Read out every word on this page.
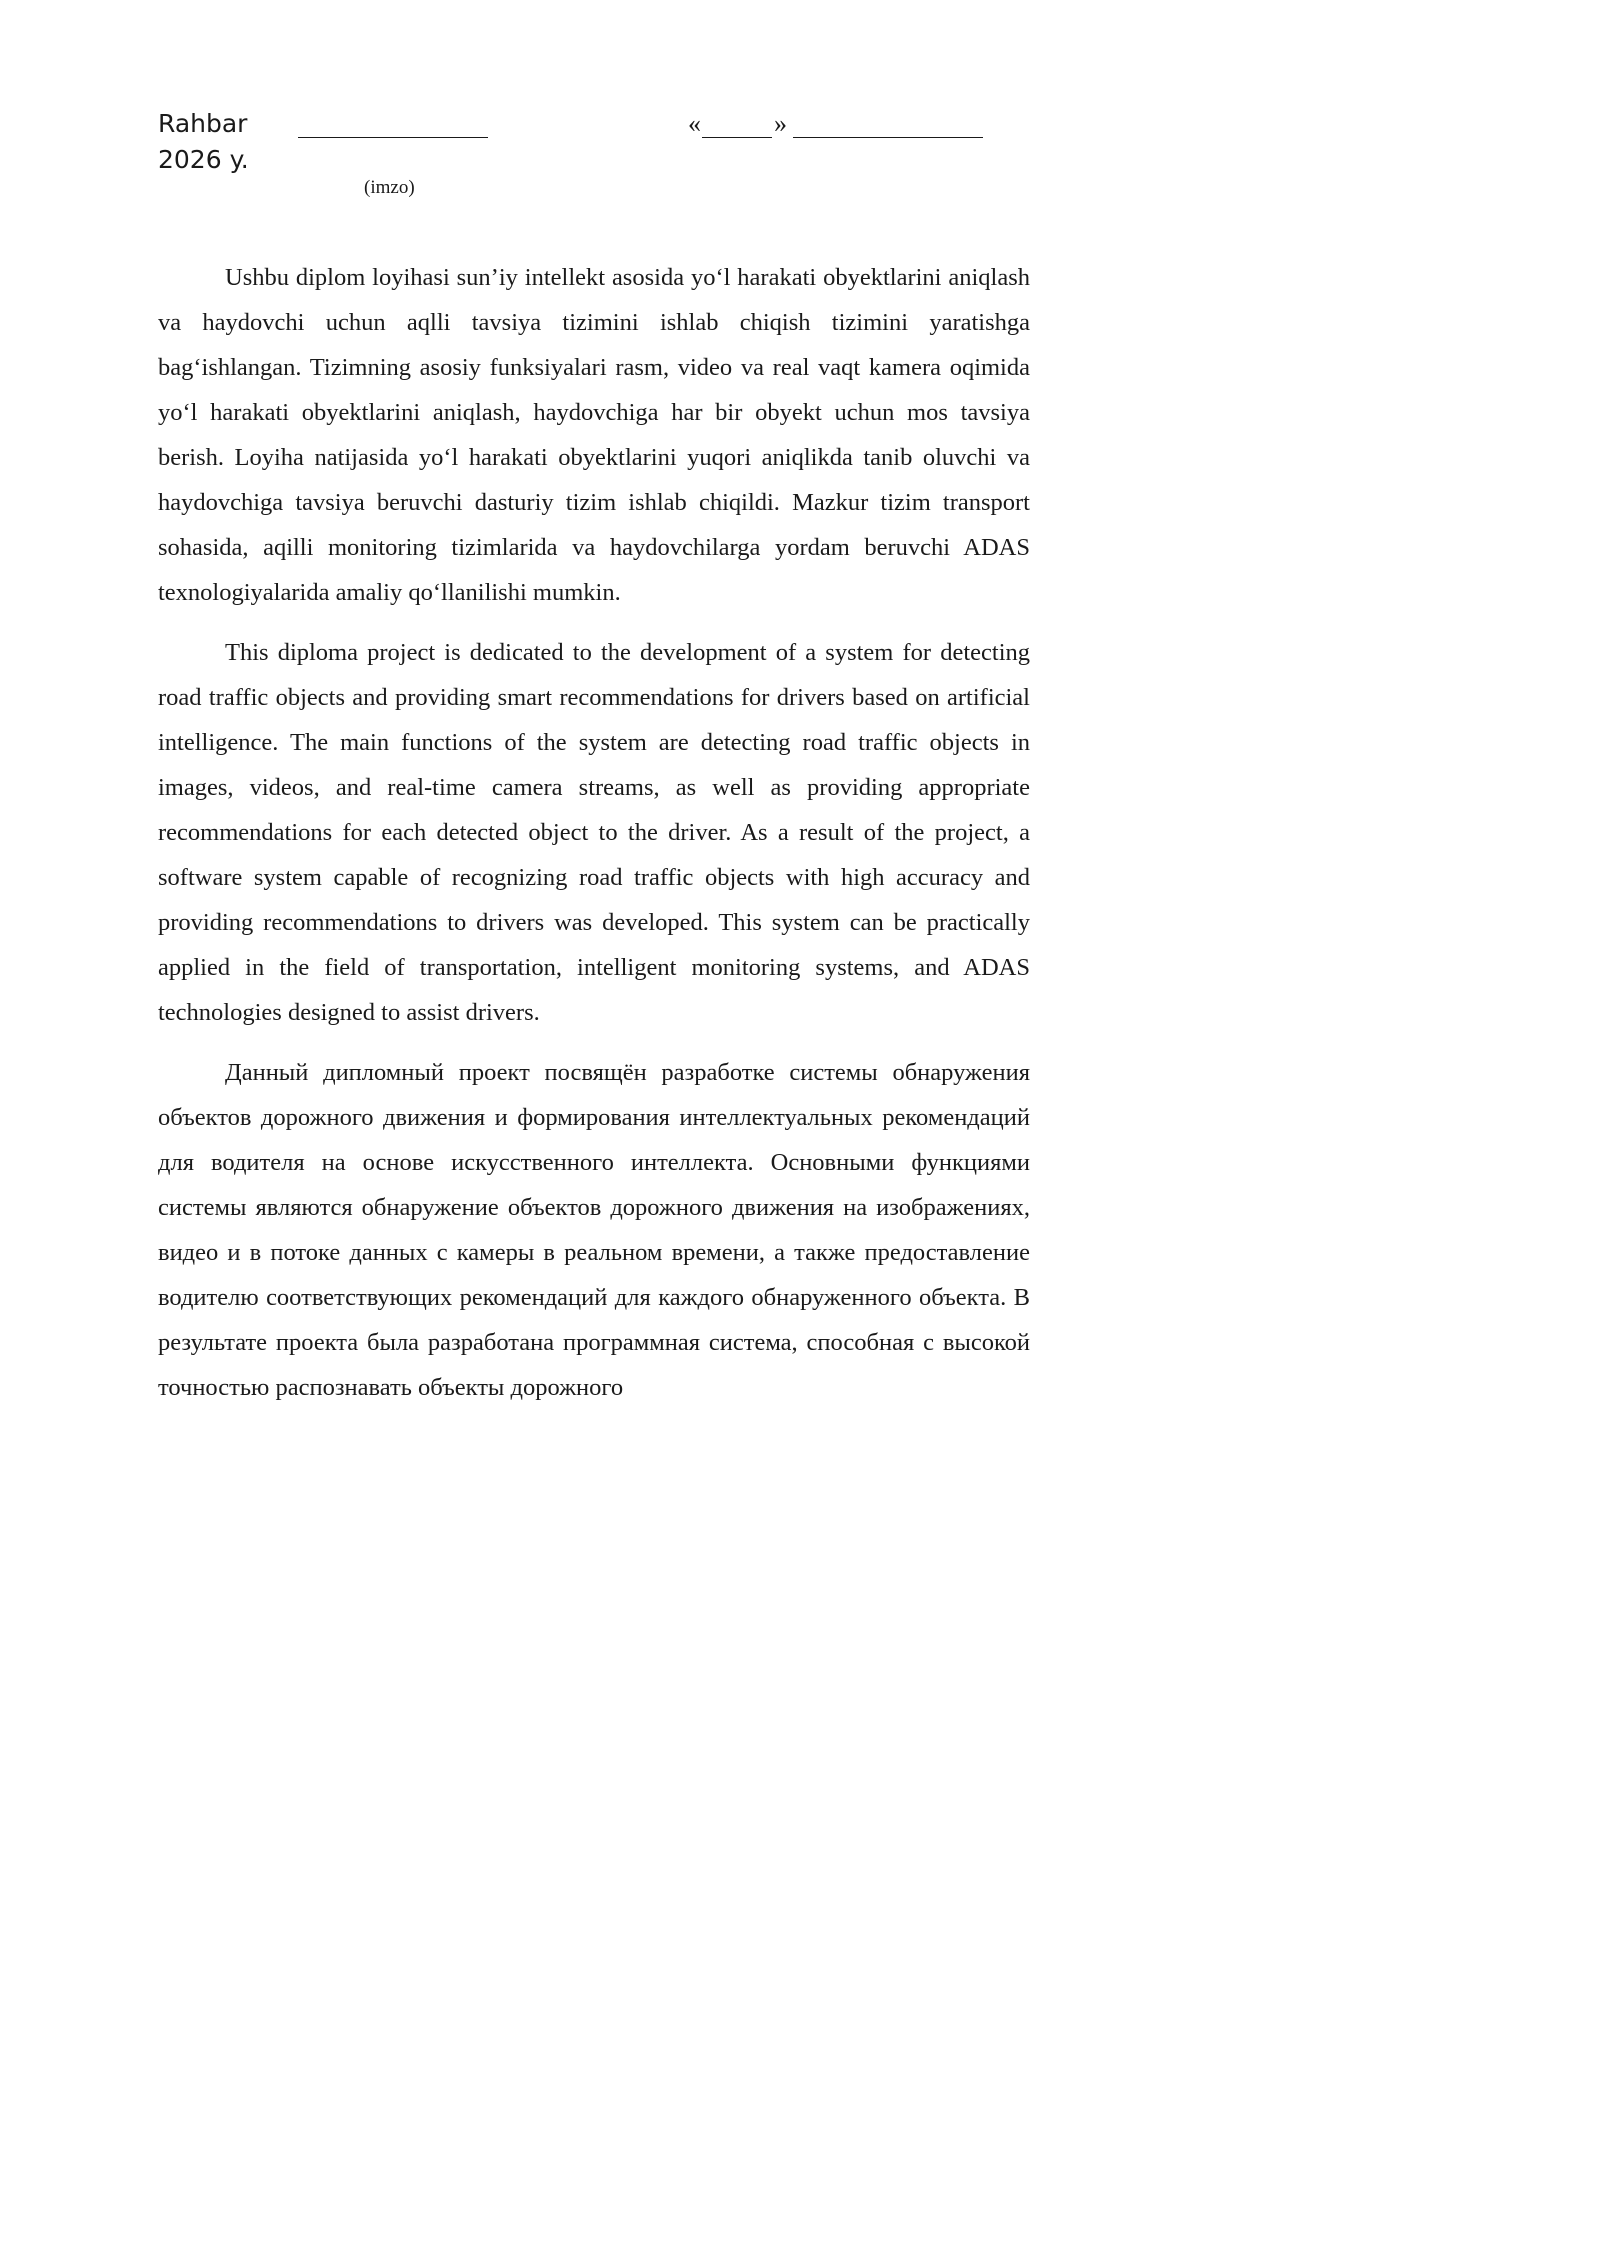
Rahbar
2026 y.
(imzo)
«	»

Ushbu diplom loyihasi sun’iy intellekt asosida yo‘l harakati obyektlarini aniqlash va haydovchi uchun aqlli tavsiya tizimini ishlab chiqish tizimini yaratishga bag‘ishlangan. Tizimning asosiy funksiyalari rasm, video va real vaqt kamera oqimida yo‘l harakati obyektlarini aniqlash, haydovchiga har bir obyekt uchun mos tavsiya berish. Loyiha natijasida yo‘l harakati obyektlarini yuqori aniqlikda tanib oluvchi va haydovchiga tavsiya beruvchi dasturiy tizim ishlab chiqildi. Mazkur tizim transport sohasida, aqilli monitoring tizimlarida va haydovchilarga yordam beruvchi ADAS texnologiyalarida amaliy qo‘llanilishi mumkin.

This diploma project is dedicated to the development of a system for detecting road traffic objects and providing smart recommendations for drivers based on artificial intelligence. The main functions of the system are detecting road traffic objects in images, videos, and real-time camera streams, as well as providing appropriate recommendations for each detected object to the driver. As a result of the project, a software system capable of recognizing road traffic objects with high accuracy and providing recommendations to drivers was developed. This system can be practically applied in the field of transportation, intelligent monitoring systems, and ADAS technologies designed to assist drivers.

Данный дипломный проект посвящён разработке системы обнаружения объектов дорожного движения и формирования интеллектуальных рекомендаций для водителя на основе искусственного интеллекта. Основными функциями системы являются обнаружение объектов дорожного движения на изображениях, видео и в потоке данных с камеры в реальном времени, а также предоставление водителю соответствующих рекомендаций для каждого обнаруженного объекта. В результате проекта была разработана программная система, способная с высокой точностью распознавать объекты дорожного
